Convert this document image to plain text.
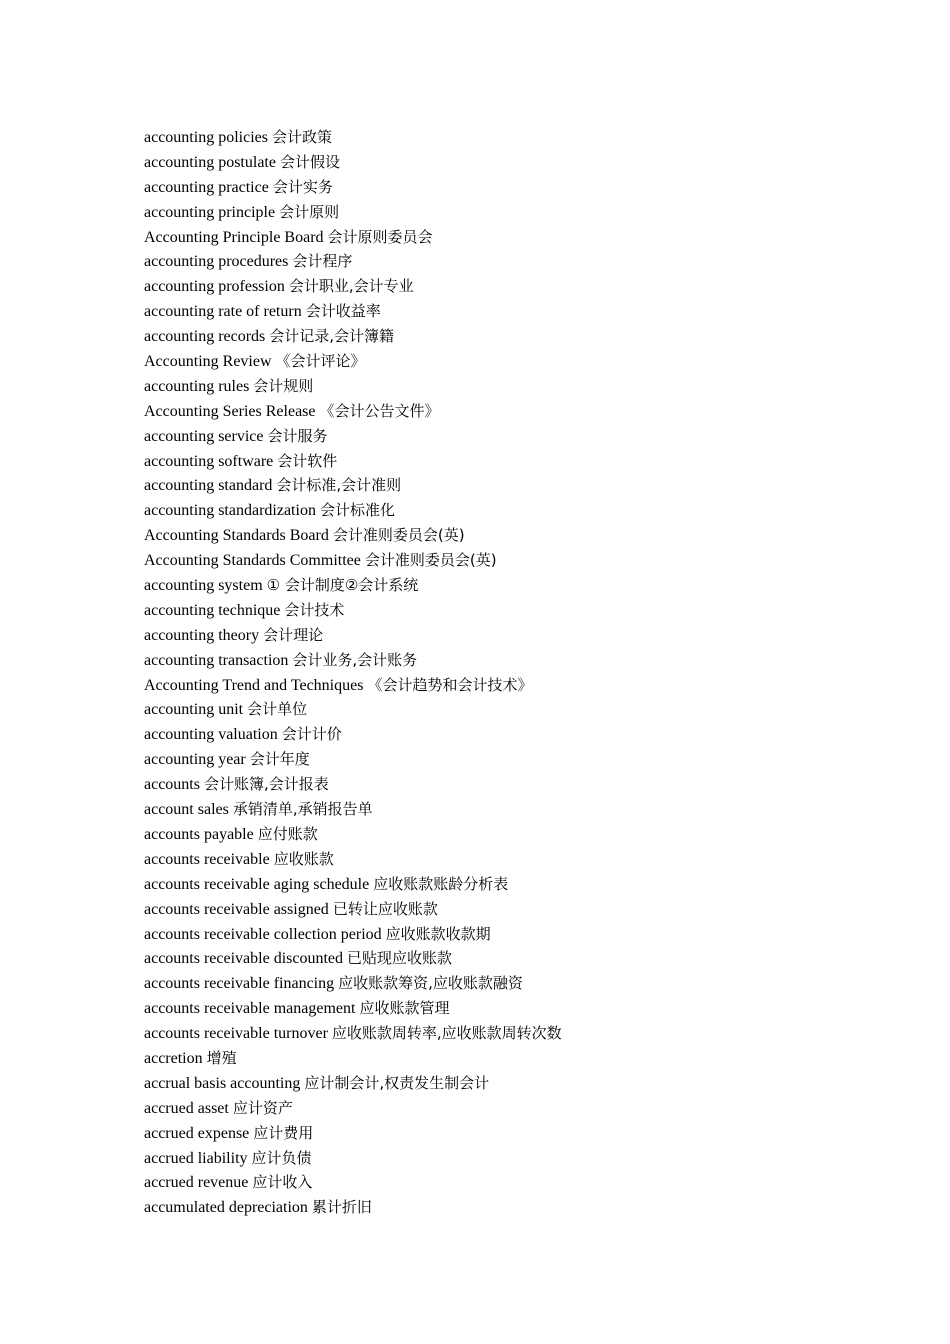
accounting policies 会计政策
accounting postulate 会计假设
accounting practice 会计实务
accounting principle 会计原则
Accounting Principle Board 会计原则委员会
accounting procedures 会计程序
accounting profession 会计职业,会计专业
accounting rate of return 会计收益率
accounting records 会计记录,会计簿籍
Accounting Review 《会计评论》
accounting rules 会计规则
Accounting Series Release 《会计公告文件》
accounting service 会计服务
accounting software 会计软件
accounting standard 会计标准,会计准则
accounting standardization 会计标准化
Accounting Standards Board 会计准则委员会(英)
Accounting Standards Committee 会计准则委员会(英)
accounting system ① 会计制度②会计系统
accounting technique 会计技术
accounting theory 会计理论
accounting transaction 会计业务,会计账务
Accounting Trend and Techniques 《会计趋势和会计技术》
accounting unit 会计单位
accounting valuation 会计计价
accounting year 会计年度
accounts 会计账簿,会计报表
account sales 承销清单,承销报告单
accounts payable 应付账款
accounts receivable 应收账款
accounts receivable aging schedule 应收账款账龄分析表
accounts receivable assigned 已转让应收账款
accounts receivable collection period 应收账款收款期
accounts receivable discounted 已贴现应收账款
accounts receivable financing 应收账款筹资,应收账款融资
accounts receivable management 应收账款管理
accounts receivable turnover 应收账款周转率,应收账款周转次数
accretion 增殖
accrual basis accounting 应计制会计,权责发生制会计
accrued asset 应计资产
accrued expense 应计费用
accrued liability 应计负债
accrued revenue 应计收入
accumulated depreciation 累计折旧
